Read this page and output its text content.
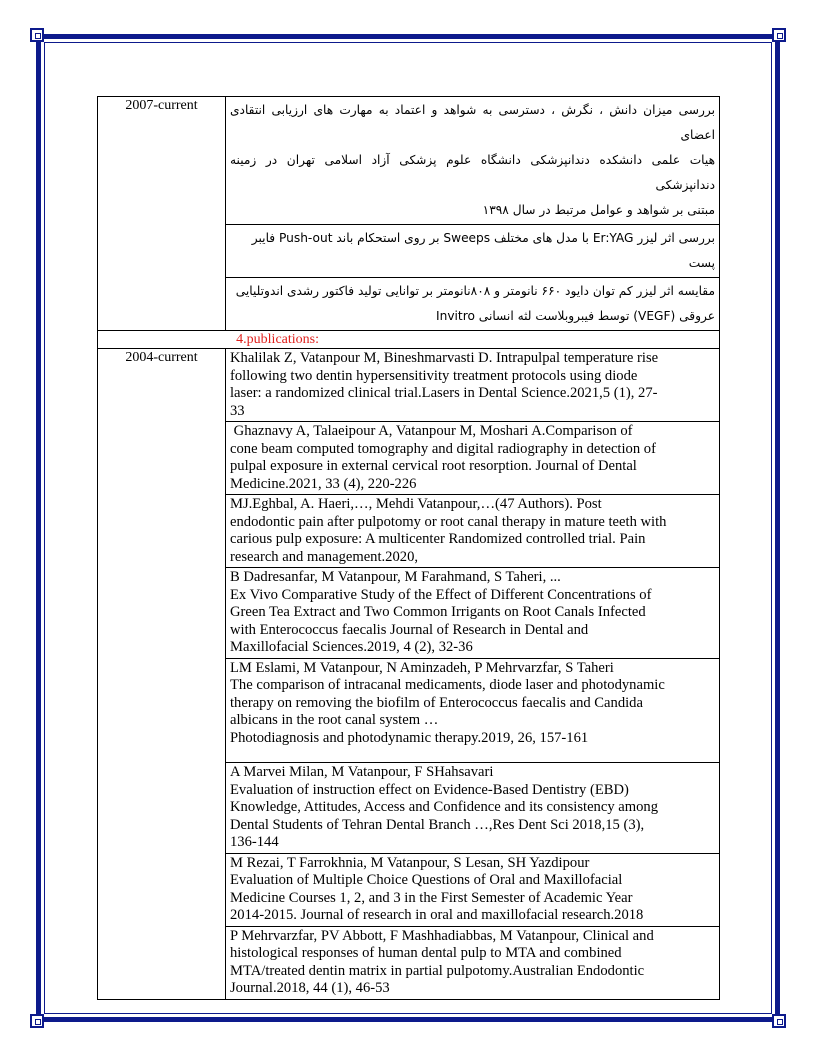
2007-current	بررسی میزان دانش ، نگرش ، دسترسی به شواهد و اعتماد به مهارت های ارزیابی انتقادی اعضای
هیات علمی دانشکده دندانپزشکی دانشگاه علوم پزشکی آزاد اسلامی تهران در زمینه دندانپزشکی
مبتنی بر شواهد و عوامل مرتبط در سال ۱۳۹۸

	بررسی اثر لیزر Er:YAG با مدل های مختلف Sweeps بر روی استحکام باند Push-out فایبر
پست

	مقایسه اثر لیزر کم توان دایود ۶۶۰ نانومتر و ۸۰۸نانومتر بر توانایی تولید فاکتور رشدی اندوتلیایی
عروقی (VEGF) توسط فیبروبلاست لثه انسانی Invitro

4.publications:	
2004-current	Khalilak Z, Vatanpour M, Bineshmarvasti D. Intrapulpal temperature rise
following two dentin hypersensitivity treatment protocols using diode
laser: a randomized clinical trial.Lasers in Dental Science.2021,5 (1), 27-
33

	Ghaznavy A, Talaeipour A, Vatanpour M, Moshari A.Comparison of
cone beam computed tomography and digital radiography in detection of
pulpal exposure in external cervical root resorption. Journal of Dental
Medicine.2021, 33 (4), 220-226

	MJ.Eghbal, A. Haeri,…, Mehdi Vatanpour,…(47 Authors). Post
endodontic pain after pulpotomy or root canal therapy in mature teeth with
carious pulp exposure: A multicenter Randomized controlled trial. Pain
research and management.2020,

	B Dadresanfar, M Vatanpour, M Farahmand, S Taheri, ...
Ex Vivo Comparative Study of the Effect of Different Concentrations of
Green Tea Extract and Two Common Irrigants on Root Canals Infected
with Enterococcus faecalis Journal of Research in Dental and
Maxillofacial Sciences.2019, 4 (2), 32-36

	LM Eslami, M Vatanpour, N Aminzadeh, P Mehrvarzfar, S Taheri
The comparison of intracanal medicaments, diode laser and photodynamic
therapy on removing the biofilm of Enterococcus faecalis and Candida
albicans in the root canal system …
Photodiagnosis and photodynamic therapy.2019, 26, 157-161

	A Marvei Milan, M Vatanpour, F SHahsavari
Evaluation of instruction effect on Evidence-Based Dentistry (EBD)
Knowledge, Attitudes, Access and Confidence and its consistency among
Dental Students of Tehran Dental Branch …,Res Dent Sci 2018,15 (3),
136-144

	M Rezai, T Farrokhnia, M Vatanpour, S Lesan, SH Yazdipour
Evaluation of Multiple Choice Questions of Oral and Maxillofacial
Medicine Courses 1, 2, and 3 in the First Semester of Academic Year
2014-2015. Journal of research in oral and maxillofacial research.2018

	P Mehrvarzfar, PV Abbott, F Mashhadiabbas, M Vatanpour, Clinical and
histological responses of human dental pulp to MTA and combined
MTA/treated dentin matrix in partial pulpotomy.Australian Endodontic
Journal.2018, 44 (1), 46-53
